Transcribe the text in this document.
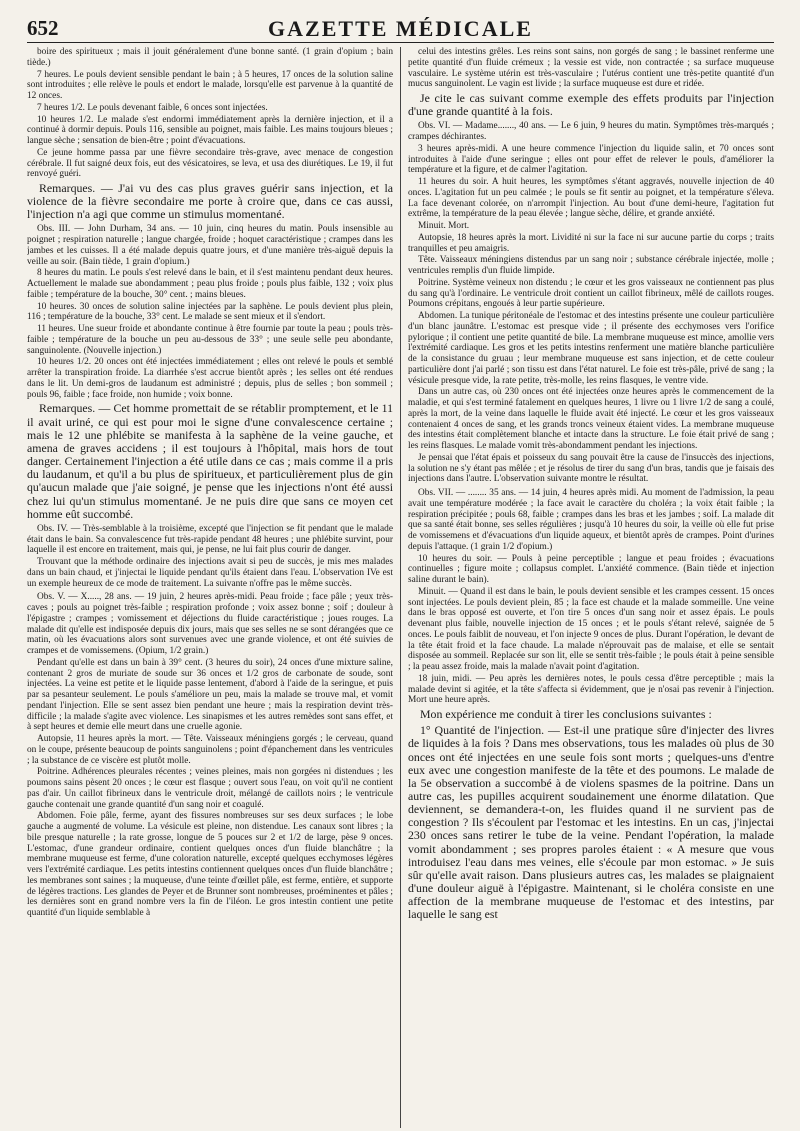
652	GAZETTE MÉDICALE

boire des spiritueux ; mais il jouit généralement d'une bonne santé. (1 grain d'opium ; bain tiède.)

7 heures. Le pouls devient sensible pendant le bain ; à 5 heures, 17 onces de la solution saline sont introduites ; elle relève le pouls et endort le malade, lorsqu'elle est parvenue à la quantité de 12 onces.

7 heures 1/2. Le pouls devenant faible, 6 onces sont injectées.

10 heures 1/2. Le malade s'est endormi immédiatement après la dernière injection, et il a continué à dormir depuis. Pouls 116, sensible au poignet, mais faible. Les mains toujours bleues ; langue sèche ; sensation de bien-être ; point d'évacuations.

Ce jeune homme passa par une fièvre secondaire très-grave, avec menace de congestion cérébrale. Il fut saigné deux fois, eut des vésicatoires, se leva, et usa des diurétiques. Le 19, il fut renvoyé guéri.

Remarques. — J'ai vu des cas plus graves guérir sans injection, et la violence de la fièvre secondaire me porte à croire que, dans ce cas aussi, l'injection n'a agi que comme un stimulus momentané.

Obs. III. — John Durham, 34 ans. — 10 juin, cinq heures du matin. Pouls insensible au poignet ; respiration naturelle ; langue chargée, froide ; hoquet caractéristique ; crampes dans les jambes et les cuisses. Il a été malade depuis quatre jours, et d'une manière très-aiguë depuis la veille au soir. (Bain tiède, 1 grain d'opium.)

8 heures du matin. Le pouls s'est relevé dans le bain, et il s'est maintenu pendant deux heures. Actuellement le malade sue abondamment ; peau plus froide ; pouls plus faible, 132 ; voix plus faible ; température de la bouche, 30° cent. ; mains bleues.

10 heures. 30 onces de solution saline injectées par la saphène. Le pouls devient plus plein, 116 ; température de la bouche, 33° cent. Le malade se sent mieux et il s'endort.

11 heures. Une sueur froide et abondante continue à être fournie par toute la peau ; pouls très-faible ; température de la bouche un peu au-dessous de 33° ; une seule selle peu abondante, sanguinolente. (Nouvelle injection.)

10 heures 1/2. 20 onces ont été injectées immédiatement ; elles ont relevé le pouls et semblé arrêter la transpiration froide. La diarrhée s'est accrue bientôt après ; les selles ont été rendues dans le lit. Un demi-gros de laudanum est administré ; depuis, plus de selles ; bon sommeil ; pouls 96, faible ; face froide, non humide ; voix bonne.

Remarques. — Cet homme promettait de se rétablir promptement, et le 11 il avait uriné, ce qui est pour moi le signe d'une convalescence certaine ; mais le 12 une phlébite se manifesta à la saphène de la veine gauche, et amena de graves accidens ; il est toujours à l'hôpital, mais hors de tout danger. Certainement l'injection a été utile dans ce cas ; mais comme il a pris du laudanum, et qu'il a bu plus de spiritueux, et particulièrement plus de gin qu'aucun malade que j'aie soigné, je pense que les injections n'ont été aussi chez lui qu'un stimulus momentané. Je ne puis dire que sans ce moyen cet homme eût succombé.

Obs. IV. — Très-semblable à la troisième, excepté que l'injection se fit pendant que le malade était dans le bain. Sa convalescence fut très-rapide pendant 48 heures ; une phlébite survint, pour laquelle il est encore en traitement, mais qui, je pense, ne lui fait plus courir de danger.

Trouvant que la méthode ordinaire des injections avait si peu de succès, je mis mes malades dans un bain chaud, et j'injectai le liquide pendant qu'ils étaient dans l'eau. L'observation IVe est un exemple heureux de ce mode de traitement. La suivante n'offre pas le même succès.

Obs. V. — X....., 28 ans. — 19 juin, 2 heures après-midi. Peau froide ; face pâle ; yeux très-caves ; pouls au poignet très-faible ; respiration profonde ; voix assez bonne ; soif ; douleur à l'épigastre ; crampes ; vomissement et déjections du fluide caractéristique ; joues rouges. La malade dit qu'elle est indisposée depuis dix jours, mais que ses selles ne se sont dérangées que ce matin, où les évacuations alors sont survenues avec une grande violence, et ont été suivies de crampes et de vomissemens. (Opium, 1/2 grain.)

Pendant qu'elle est dans un bain à 39° cent. (3 heures du soir), 24 onces d'une mixture saline, contenant 2 gros de muriate de soude sur 36 onces et 1/2 gros de carbonate de soude, sont injectées. La veine est petite et le liquide passe lentement, d'abord à l'aide de la seringue, et puis par sa pesanteur seulement. Le pouls s'améliore un peu, mais la malade se trouve mal, et vomit pendant l'injection. Elle se sent assez bien pendant une heure ; mais la respiration devint très-difficile ; la malade s'agite avec violence. Les sinapismes et les autres remèdes sont sans effet, et à sept heures et demie elle meurt dans une cruelle agonie.

Autopsie, 11 heures après la mort. — Tête. Vaisseaux méningiens gorgés ; le cerveau, quand on le coupe, présente beaucoup de points sanguinolens ; point d'épanchement dans les ventricules ; la substance de ce viscère est plutôt molle.

Poitrine. Adhérences pleurales récentes ; veines pleines, mais non gorgées ni distendues ; les poumons sains pèsent 20 onces ; le cœur est flasque ; ouvert sous l'eau, on voit qu'il ne contient pas d'air. Un caillot fibrineux dans le ventricule droit, mélangé de caillots noirs ; le ventricule gauche contenait une grande quantité d'un sang noir et coagulé.

Abdomen. Foie pâle, ferme, ayant des fissures nombreuses sur ses deux surfaces ; le lobe gauche a augmenté de volume. La vésicule est pleine, non distendue. Les canaux sont libres ; la bile presque naturelle ; la rate grosse, longue de 5 pouces sur 2 et 1/2 de large, pèse 9 onces. L'estomac, d'une grandeur ordinaire, contient quelques onces d'un fluide blanchâtre ; la membrane muqueuse est ferme, d'une coloration naturelle, excepté quelques ecchymoses légères vers l'extrémité cardiaque. Les petits intestins contiennent quelques onces d'un fluide blanchâtre ; les membranes sont saines ; la muqueuse, d'une teinte d'œillet pâle, est ferme, entière, et supporte de légères tractions. Les glandes de Peyer et de Brunner sont nombreuses, proéminentes et pâles ; les dernières sont en grand nombre vers la fin de l'iléon. Le gros intestin contient une petite quantité d'un liquide semblable à

celui des intestins grêles. Les reins sont sains, non gorgés de sang ; le bassinet renferme une petite quantité d'un fluide crémeux ; la vessie est vide, non contractée ; sa surface muqueuse vasculaire. Le système utérin est très-vasculaire ; l'utérus contient une très-petite quantité d'un mucus sanguinolent. Le vagin est livide ; la surface muqueuse est dure et ridée.

Je cite le cas suivant comme exemple des effets produits par l'injection d'une grande quantité à la fois.

Obs. VI. — Madame......., 40 ans. — Le 6 juin, 9 heures du matin. Symptômes très-marqués ; crampes déchirantes.

3 heures après-midi. A une heure commence l'injection du liquide salin, et 70 onces sont introduites à l'aide d'une seringue ; elles ont pour effet de relever le pouls, d'améliorer la température et la figure, et de calmer l'agitation.

11 heures du soir. A huit heures, les symptômes s'étant aggravés, nouvelle injection de 40 onces. L'agitation fut un peu calmée ; le pouls se fit sentir au poignet, et la température s'éleva. La face devenant colorée, on n'arrompit l'injection. Au bout d'une demi-heure, l'agitation fut extrême, la température de la peau élevée ; langue sèche, délire, et grande anxiété.

Minuit. Mort.

Autopsie, 18 heures après la mort. Lividité ni sur la face ni sur aucune partie du corps ; traits tranquilles et peu amaigris.

Tête. Vaisseaux méningiens distendus par un sang noir ; substance cérébrale injectée, molle ; ventricules remplis d'un fluide limpide.

Poitrine. Système veineux non distendu ; le cœur et les gros vaisseaux ne contiennent pas plus du sang qu'à l'ordinaire. Le ventricule droit contient un caillot fibrineux, mêlé de caillots rouges. Poumons crépitans, engoués à leur partie supérieure.

Abdomen. La tunique péritonéale de l'estomac et des intestins présente une couleur particulière d'un blanc jaunâtre. L'estomac est presque vide ; il présente des ecchymoses vers l'orifice pylorique ; il contient une petite quantité de bile. La membrane muqueuse est mince, amollie vers l'extrémité cardiaque. Les gros et les petits intestins renferment une matière blanche particulière de la consistance du gruau ; leur membrane muqueuse est sans injection, et de cette couleur particulière dont j'ai parlé ; son tissu est dans l'état naturel. Le foie est très-pâle, privé de sang ; la vésicule presque vide, la rate petite, très-molle, les reins flasques, le ventre vide.

Dans un autre cas, où 230 onces ont été injectées onze heures après le commencement de la maladie, et qui s'est terminé fatalement en quelques heures, 1 livre ou 1 livre 1/2 de sang a coulé, après la mort, de la veine dans laquelle le fluide avait été injecté. Le cœur et les gros vaisseaux contenaient 4 onces de sang, et les grands troncs veineux étaient vides. La membrane muqueuse des intestins était complètement blanche et intacte dans la structure. Le foie était privé de sang ; les reins flasques. Le malade vomit très-abondamment pendant les injections.

Je pensai que l'état épais et poisseux du sang pouvait être la cause de l'insuccès des injections, la solution ne s'y étant pas mêlée ; et je résolus de tirer du sang d'un bras, tandis que je faisais des injections dans l'autre. L'observation suivante montre le résultat.

Obs. VII. — ........ 35 ans. — 14 juin, 4 heures après midi. Au moment de l'admission, la peau avait une température modérée ; la face avait le caractère du choléra ; la voix était faible ; la respiration précipitée ; pouls 68, faible ; crampes dans les bras et les jambes ; soif. La malade dit que sa santé était bonne, ses selles régulières ; jusqu'à 10 heures du soir, la veille où elle fut prise de vomissemens et d'évacuations d'un liquide aqueux, et bientôt après de crampes. Point d'urines depuis l'attaque. (1 grain 1/2 d'opium.)

10 heures du soir. — Pouls à peine perceptible ; langue et peau froides ; évacuations continuelles ; figure moite ; collapsus complet. L'anxiété commence. (Bain tiède et injection saline durant le bain).

Minuit. — Quand il est dans le bain, le pouls devient sensible et les crampes cessent. 15 onces sont injectées. Le pouls devient plein, 85 ; la face est chaude et la malade sommeille. Une veine dans le bras opposé est ouverte, et l'on tire 5 onces d'un sang noir et assez épais. Le pouls devenant plus faible, nouvelle injection de 15 onces ; et le pouls s'étant relevé, saignée de 5 onces. Le pouls faiblit de nouveau, et l'on injecte 9 onces de plus. Durant l'opération, le devant de la tête était froid et la face chaude. La malade n'éprouvait pas de malaise, et elle se sentait disposée au sommeil. Replacée sur son lit, elle se sentit très-faible ; le pouls était à peine sensible ; la peau assez froide, mais la malade n'avait point d'agitation.

18 juin, midi. — Peu après les dernières notes, le pouls cessa d'être perceptible ; mais la malade devint si agitée, et la tête s'affecta si évidemment, que je n'osai pas revenir à l'injection. Mort une heure après.

Mon expérience me conduit à tirer les conclusions suivantes :

1° Quantité de l'injection. — Est-il une pratique sûre d'injecter des livres de liquides à la fois ? Dans mes observations, tous les malades où plus de 30 onces ont été injectées en une seule fois sont morts ; quelques-uns d'entre eux avec une congestion manifeste de la tête et des poumons. Le malade de la 5e observation a succombé à de violens spasmes de la poitrine. Dans un autre cas, les pupilles acquirent soudainement une énorme dilatation. Que deviennent, se demandera-t-on, les fluides quand il ne survient pas de congestion ? Ils s'écoulent par l'estomac et les intestins. En un cas, j'injectai 230 onces sans retirer le tube de la veine. Pendant l'opération, la malade vomit abondamment ; ses propres paroles étaient : « A mesure que vous introduisez l'eau dans mes veines, elle s'écoule par mon estomac. » Je suis sûr qu'elle avait raison. Dans plusieurs autres cas, les malades se plaignaient d'une douleur aiguë à l'épigastre. Maintenant, si le choléra consiste en une affection de la membrane muqueuse de l'estomac et des intestins, par laquelle le sang est
